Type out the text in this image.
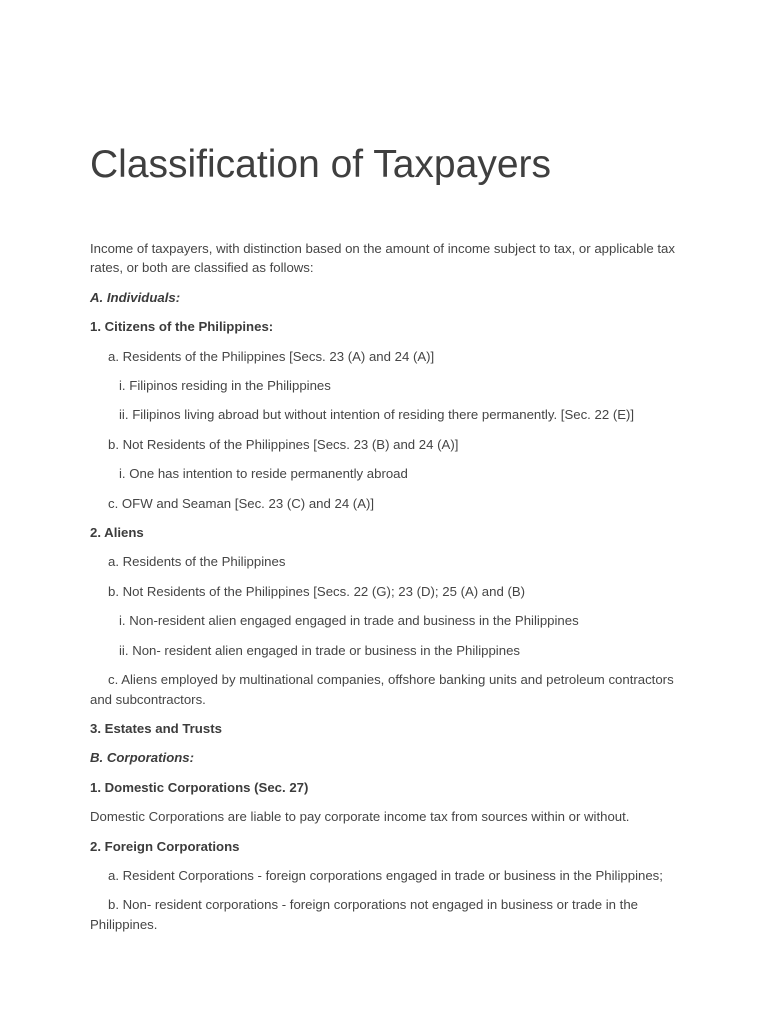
Classification of Taxpayers

Income of taxpayers, with distinction based on the amount of income subject to tax, or applicable tax rates, or both are classified as follows:

A. Individuals:

1. Citizens of the Philippines:

a. Residents of the Philippines [Secs. 23 (A) and 24 (A)]

i. Filipinos residing in the Philippines

ii. Filipinos living abroad but without intention of residing there permanently. [Sec. 22 (E)]

b. Not Residents of the Philippines [Secs. 23 (B) and 24 (A)]

i. One has intention to reside permanently abroad

c. OFW and Seaman [Sec. 23 (C) and 24 (A)]

2. Aliens

a. Residents of the Philippines

b. Not Residents of the Philippines [Secs. 22 (G); 23 (D); 25 (A) and (B)

i. Non-resident alien engaged engaged in trade and business in the Philippines

ii. Non- resident alien engaged in trade or business in the Philippines

c. Aliens employed by multinational companies, offshore banking units and petroleum contractors and subcontractors.

3. Estates and Trusts

B. Corporations:

1. Domestic Corporations (Sec. 27)

Domestic Corporations are liable to pay corporate income tax from sources within or without.

2. Foreign Corporations

a. Resident Corporations - foreign corporations engaged in trade or business in the Philippines;

b. Non- resident corporations - foreign corporations not engaged in business or trade in the Philippines.
